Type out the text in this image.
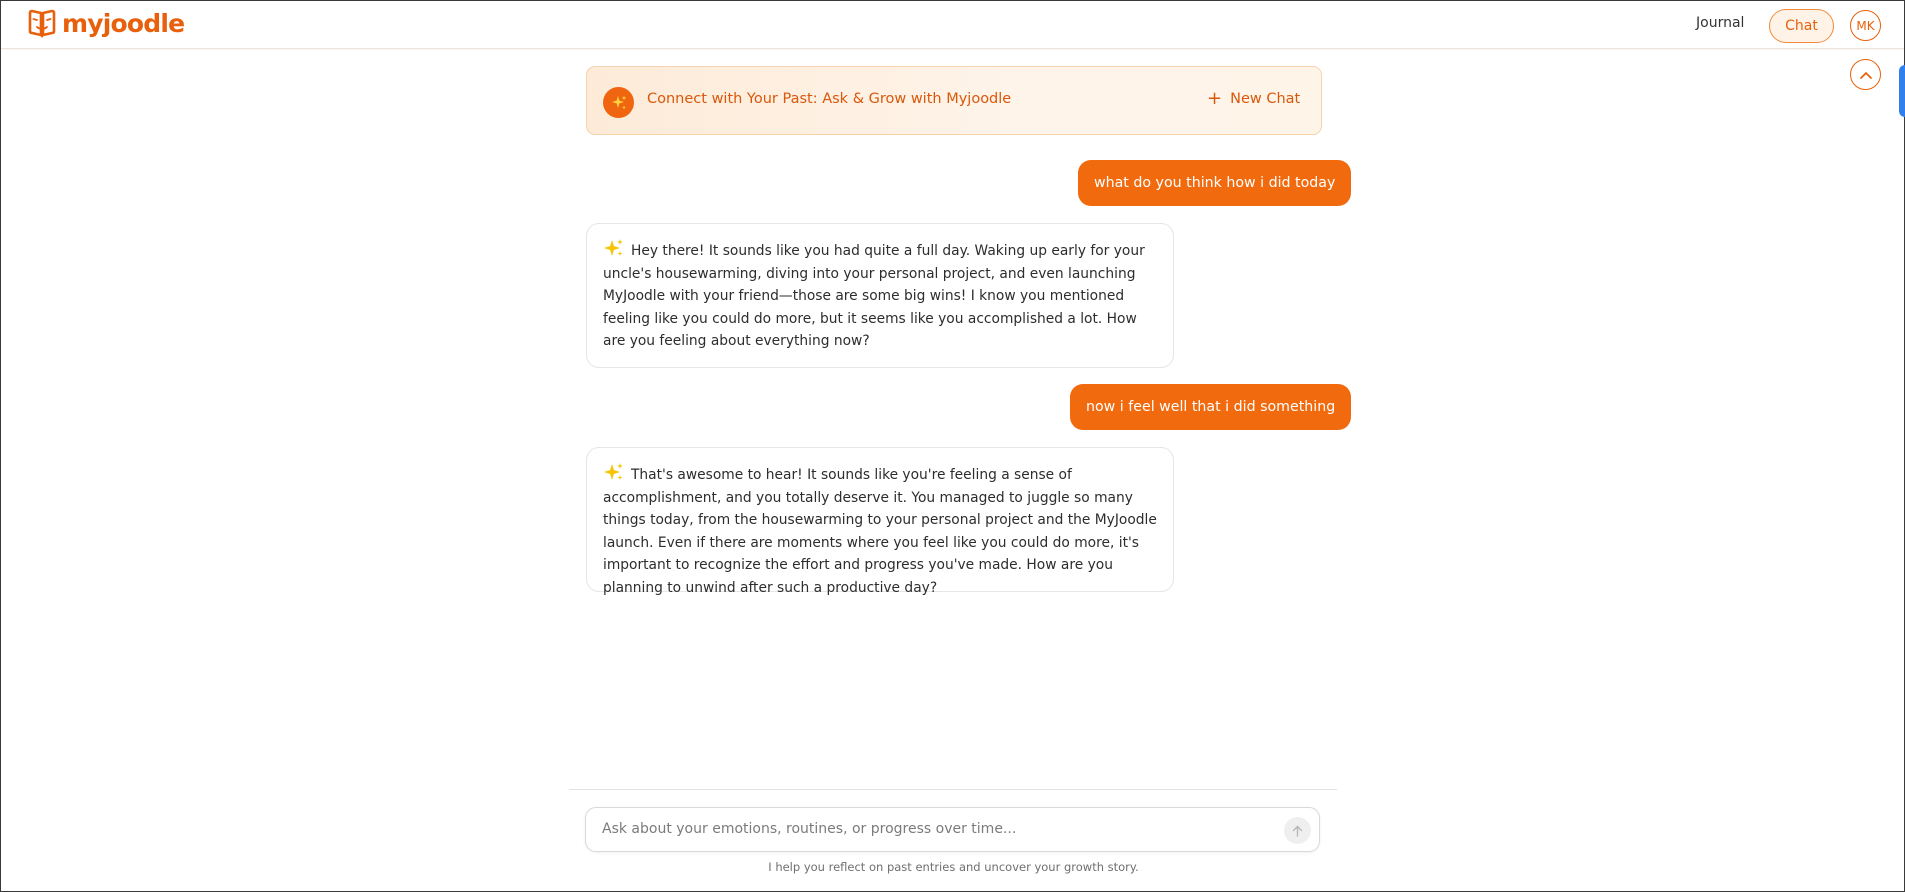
myjoodle	Journal	Chat	MK
Connect with Your Past: Ask & Grow with Myjoodle	+ New Chat
what do you think how i did today
Hey there! It sounds like you had quite a full day. Waking up early for your uncle's housewarming, diving into your personal project, and even launching MyJoodle with your friend—those are some big wins! I know you mentioned feeling like you could do more, but it seems like you accomplished a lot. How are you feeling about everything now?
now i feel well that i did something
That's awesome to hear! It sounds like you're feeling a sense of accomplishment, and you totally deserve it. You managed to juggle so many things today, from the housewarming to your personal project and the MyJoodle launch. Even if there are moments where you feel like you could do more, it's important to recognize the effort and progress you've made. How are you planning to unwind after such a productive day?
Ask about your emotions, routines, or progress over time...
I help you reflect on past entries and uncover your growth story.
